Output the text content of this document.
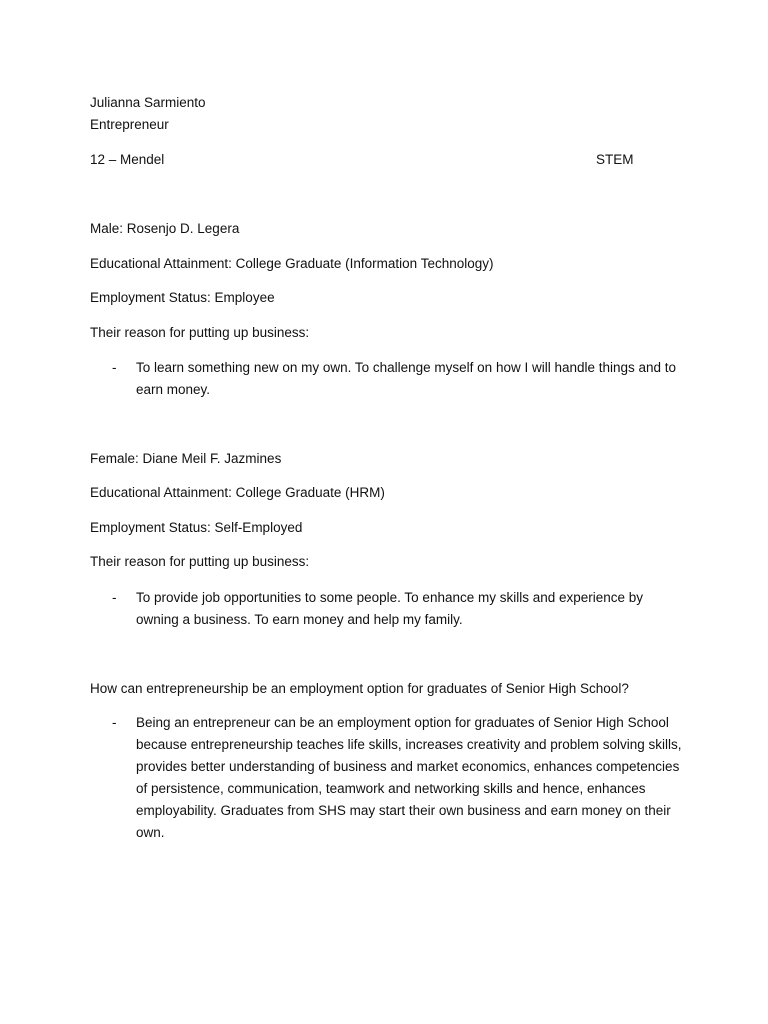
Julianna Sarmiento
Entrepreneur
12 – Mendel	STEM
Male: Rosenjo D. Legera
Educational Attainment: College Graduate (Information Technology)
Employment Status: Employee
Their reason for putting up business:
- To learn something new on my own. To challenge myself on how I will handle things and to earn money.
Female: Diane Meil F. Jazmines
Educational Attainment: College Graduate (HRM)
Employment Status: Self-Employed
Their reason for putting up business:
- To provide job opportunities to some people. To enhance my skills and experience by owning a business. To earn money and help my family.
How can entrepreneurship be an employment option for graduates of Senior High School?
- Being an entrepreneur can be an employment option for graduates of Senior High School because entrepreneurship teaches life skills, increases creativity and problem solving skills, provides better understanding of business and market economics, enhances competencies of persistence, communication, teamwork and networking skills and hence, enhances employability. Graduates from SHS may start their own business and earn money on their own.
